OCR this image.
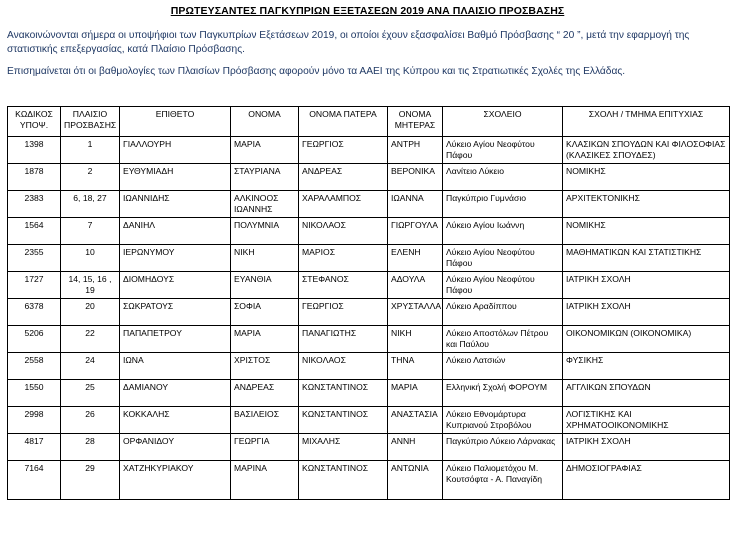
ΠΡΩΤΕΥΣΑΝΤΕΣ ΠΑΓΚΥΠΡΙΩΝ ΕΞΕΤΑΣΕΩΝ 2019 ΑΝΑ ΠΛΑΙΣΙΟ ΠΡΟΣΒΑΣΗΣ
Ανακοινώνονται σήμερα οι υποψήφιοι των Παγκυπρίων Εξετάσεων 2019, οι οποίοι έχουν εξασφαλίσει Βαθμό Πρόσβασης “ 20 ”, μετά την εφαρμογή της στατιστικής επεξεργασίας, κατά Πλαίσιο Πρόσβασης.
Επισημαίνεται ότι οι βαθμολογίες των Πλαισίων Πρόσβασης αφορούν μόνο τα ΑΑΕΙ της Κύπρου και τις Στρατιωτικές Σχολές της Ελλάδας.
ΚΩΔΙΚΟΣ ΥΠΟΨ.	ΠΛΑΙΣΙΟ ΠΡΟΣΒΑΣΗΣ	ΕΠΙΘΕΤΟ	ΟΝΟΜΑ	ΟΝΟΜΑ ΠΑΤΕΡΑ	ΟΝΟΜΑ ΜΗΤΕΡΑΣ	ΣΧΟΛΕΙΟ	ΣΧΟΛΗ / ΤΜΗΜΑ ΕΠΙΤΥΧΙΑΣ
1398	1	ΓΙΑΛΛΟΥΡΗ	ΜΑΡΙΑ	ΓΕΩΡΓΙΟΣ	ΑΝΤΡΗ	Λύκειο Αγίου Νεοφύτου Πάφου	ΚΛΑΣΙΚΩΝ ΣΠΟΥΔΩΝ ΚΑΙ ΦΙΛΟΣΟΦΙΑΣ (ΚΛΑΣΙΚΕΣ ΣΠΟΥΔΕΣ)
1878	2	ΕΥΘΥΜΙΑΔΗ	ΣΤΑΥΡΙΑΝΑ	ΑΝΔΡΕΑΣ	ΒΕΡΟΝΙΚΑ	Λανίτειο Λύκειο	ΝΟΜΙΚΗΣ
2383	6, 18, 27	ΙΩΑΝΝΙΔΗΣ	ΑΛΚΙΝΟΟΣ ΙΩΑΝΝΗΣ	ΧΑΡΑΛΑΜΠΟΣ	ΙΩΑΝΝΑ	Παγκύπριο Γυμνάσιο	ΑΡΧΙΤΕΚΤΟΝΙΚΗΣ
1564	7	ΔΑΝΙΗΛ	ΠΟΛΥΜΝΙΑ	ΝΙΚΟΛΑΟΣ	ΓΙΩΡΓΟΥΛΑ	Λύκειο Αγίου Ιωάννη	ΝΟΜΙΚΗΣ
2355	10	ΙΕΡΩΝΥΜΟΥ	ΝΙΚΗ	ΜΑΡΙΟΣ	ΕΛΕΝΗ	Λύκειο Αγίου Νεοφύτου Πάφου	ΜΑΘΗΜΑΤΙΚΩΝ ΚΑΙ ΣΤΑΤΙΣΤΙΚΗΣ
1727	14, 15, 16 , 19	ΔΙΟΜΗΔΟΥΣ	ΕΥΑΝΘΙΑ	ΣΤΕΦΑΝΟΣ	ΑΔΟΥΛΑ	Λύκειο Αγίου Νεοφύτου Πάφου	ΙΑΤΡΙΚΗ ΣΧΟΛΗ
6378	20	ΣΩΚΡΑΤΟΥΣ	ΣΟΦΙΑ	ΓΕΩΡΓΙΟΣ	ΧΡΥΣΤΑΛΛΑ	Λύκειο Αραδίππου	ΙΑΤΡΙΚΗ ΣΧΟΛΗ
5206	22	ΠΑΠΑΠΕΤΡΟΥ	ΜΑΡΙΑ	ΠΑΝΑΓΙΩΤΗΣ	ΝΙΚΗ	Λύκειο Αποστόλων Πέτρου και Παύλου	ΟΙΚΟΝΟΜΙΚΩΝ (ΟΙΚΟΝΟΜΙΚΑ)
2558	24	ΙΩΝΑ	ΧΡΙΣΤΟΣ	ΝΙΚΟΛΑΟΣ	ΤΗΝΑ	Λύκειο Λατσιών	ΦΥΣΙΚΗΣ
1550	25	ΔΑΜΙΑΝΟΥ	ΑΝΔΡΕΑΣ	ΚΩΝΣΤΑΝΤΙΝΟΣ	ΜΑΡΙΑ	Ελληνική Σχολή ΦΟΡΟΥΜ	ΑΓΓΛΙΚΩΝ ΣΠΟΥΔΩΝ
2998	26	ΚΟΚΚΑΛΗΣ	ΒΑΣΙΛΕΙΟΣ	ΚΩΝΣΤΑΝΤΙΝΟΣ	ΑΝΑΣΤΑΣΙΑ	Λύκειο Εθνομάρτυρα Κυπριανού Στροβόλου	ΛΟΓΙΣΤΙΚΗΣ ΚΑΙ ΧΡΗΜΑΤΟΟΙΚΟΝΟΜΙΚΗΣ
4817	28	ΟΡΦΑΝΙΔΟΥ	ΓΕΩΡΓΙΑ	ΜΙΧΑΛΗΣ	ΑΝΝΗ	Παγκύπριο Λύκειο Λάρνακας	ΙΑΤΡΙΚΗ ΣΧΟΛΗ
7164	29	ΧΑΤΖΗΚΥΡΙΑΚΟΥ	ΜΑΡΙΝΑ	ΚΩΝΣΤΑΝΤΙΝΟΣ	ΑΝΤΩΝΙΑ	Λύκειο Παλιομετόχου Μ. Κουτσόφτα - Α. Παναγίδη	ΔΗΜΟΣΙΟΓΡΑΦΙΑΣ
